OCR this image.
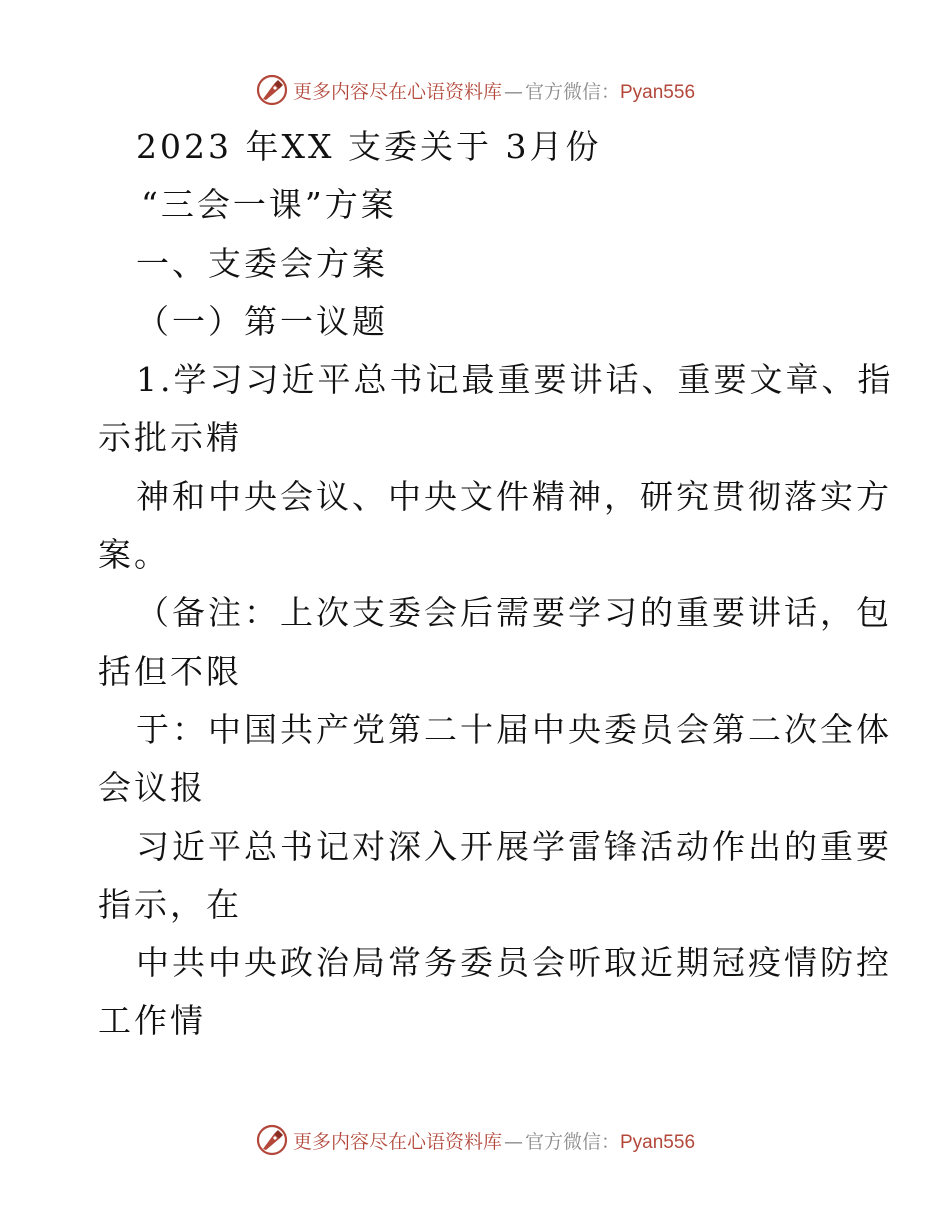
更多内容尽在心语资料库 — 官方微信：Pyan556
2023 年XX 支委关于 3月份
“三会一课”方案
一、支委会方案
（一）第一议题
1.学习习近平总书记最重要讲话、重要文章、指
示批示精
神和中央会议、中央文件精神，研究贯彻落实方
案。
（备注：上次支委会后需要学习的重要讲话，包
括但不限
于：中国共产党第二十届中央委员会第二次全体
会议报
习近平总书记对深入开展学雷锋活动作出的重要
指示，在
中共中央政治局常务委员会听取近期冠疫情防控
工作情
更多内容尽在心语资料库 — 官方微信：Pyan556
